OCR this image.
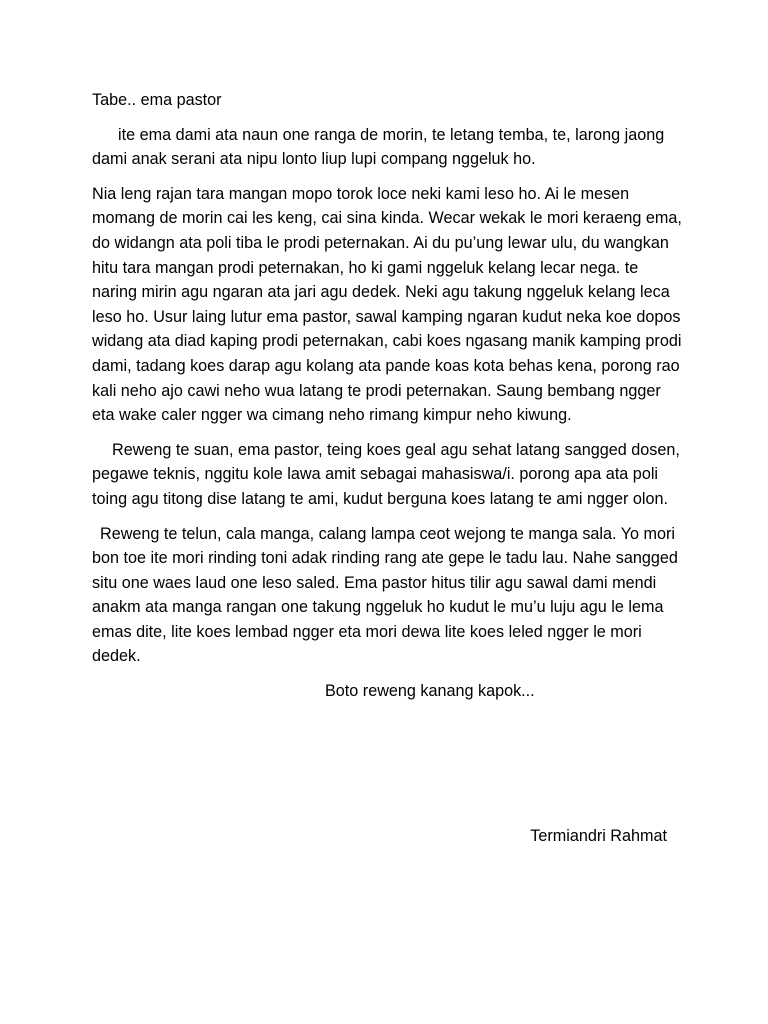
Tabe.. ema pastor

ite ema dami ata naun one ranga de morin, te letang temba, te, larong jaong dami anak serani ata nipu lonto liup lupi compang nggeluk ho.

Nia leng rajan tara mangan mopo torok loce neki kami leso ho. Ai le mesen momang de morin cai les keng, cai sina kinda. Wecar wekak le mori keraeng ema, do widangn ata poli tiba le prodi peternakan. Ai du pu’ung lewar ulu, du wangkan hitu tara mangan prodi peternakan, ho ki gami nggeluk kelang lecar nega. te naring mirin agu ngaran ata jari agu dedek. Neki agu takung nggeluk kelang leca leso ho. Usur laing lutur ema pastor, sawal kamping ngaran kudut neka koe dopos widang ata diad kaping prodi peternakan, cabi koes ngasang manik kamping prodi dami, tadang koes darap agu kolang ata pande koas kota behas kena, porong rao kali neho ajo cawi neho wua latang te prodi peternakan. Saung bembang ngger eta wake caler ngger wa cimang neho rimang kimpur neho kiwung.

Reweng te suan, ema pastor, teing koes geal agu sehat latang sangged dosen, pegawe teknis, nggitu kole lawa amit sebagai mahasiswa/i. porong apa ata poli toing agu titong dise latang te ami, kudut berguna koes latang te ami ngger olon.

Reweng te telun, cala manga, calang lampa ceot wejong te manga sala. Yo mori bon toe ite mori rinding toni adak rinding rang ate gepe le tadu lau. Nahe sangged situ one waes laud one leso saled. Ema pastor hitus tilir agu sawal dami mendi anakm ata manga rangan one takung nggeluk ho kudut le mu’u luju agu le lema emas dite, lite koes lembad ngger eta mori dewa lite koes leled ngger le mori dedek.

Boto reweng kanang kapok...

Termiandri Rahmat
